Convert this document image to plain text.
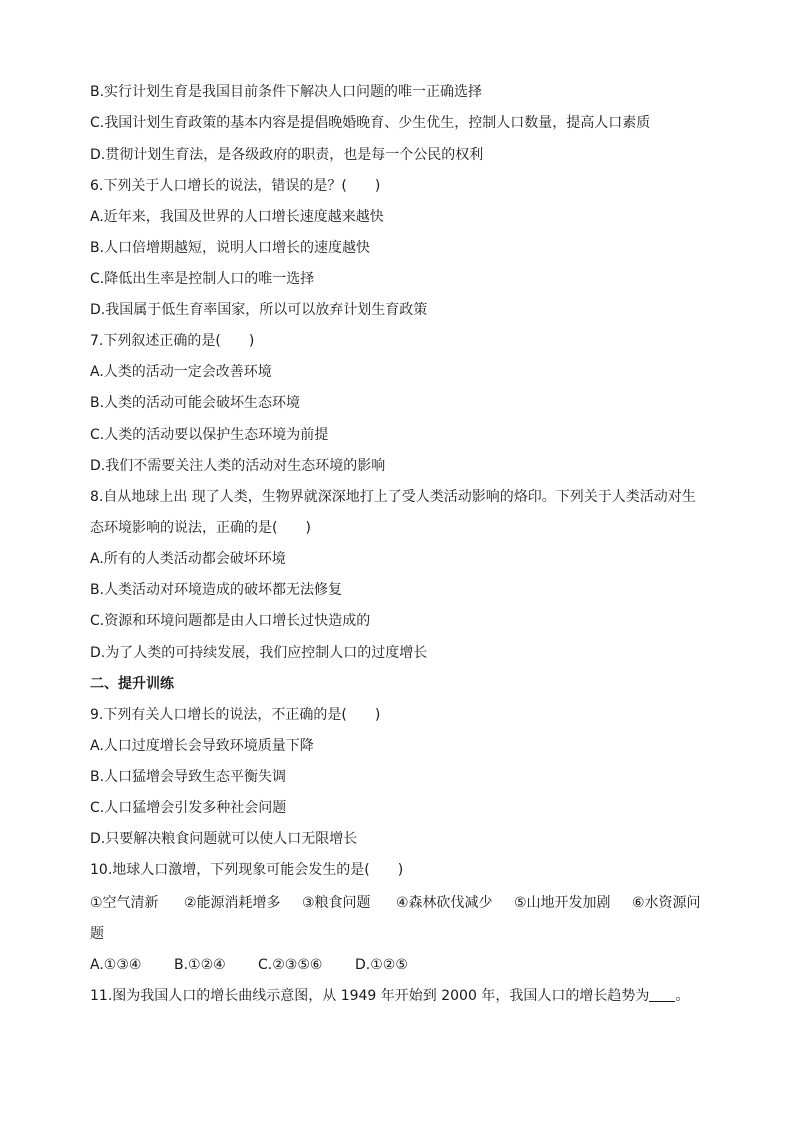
B.实行计划生育是我国目前条件下解决人口问题的唯一正确选择
C.我国计划生育政策的基本内容是提倡晚婚晚育、少生优生，控制人口数量，提高人口素质
D.贯彻计划生育法，是各级政府的职责，也是每一个公民的权利
6.下列关于人口增长的说法，错误的是？(　　)
A.近年来，我国及世界的人口增长速度越来越快
B.人口倍增期越短，说明人口增长的速度越快
C.降低出生率是控制人口的唯一选择
D.我国属于低生育率国家，所以可以放弃计划生育政策
7.下列叙述正确的是(　　)
A.人类的活动一定会改善环境
B.人类的活动可能会破坏生态环境
C.人类的活动要以保护生态环境为前提
D.我们不需要关注人类的活动对生态环境的影响
8.自从地球上出 现了人类，生物界就深深地打上了受人类活动影响的烙印。下列关于人类活动对生
态环境影响的说法，正确的是(　　)
A.所有的人类活动都会破坏环境
B.人类活动对环境造成的破坏都无法修复
C.资源和环境问题都是由人口增长过快造成的
D.为了人类的可持续发展，我们应控制人口的过度增长
二、提升训练
9.下列有关人口增长的说法，不正确的是(　　)
A.人口过度增长会导致环境质量下降
B.人口猛增会导致生态平衡失调
C.人口猛增会引发多种社会问题
D.只要解决粮食问题就可以使人口无限增长
10.地球人口激增，下列现象可能会发生的是(　　)
①空气清新 ②能源消耗增多 ③粮食问题 ④森林砍伐减少 ⑤山地开发加剧 ⑥水资源问
题
A.①③④ B.①②④ C.②③⑤⑥ D.①②⑤
11.图为我国人口的增长曲线示意图，从 1949 年开始到 2000 年，我国人口的增长趋势为 。
